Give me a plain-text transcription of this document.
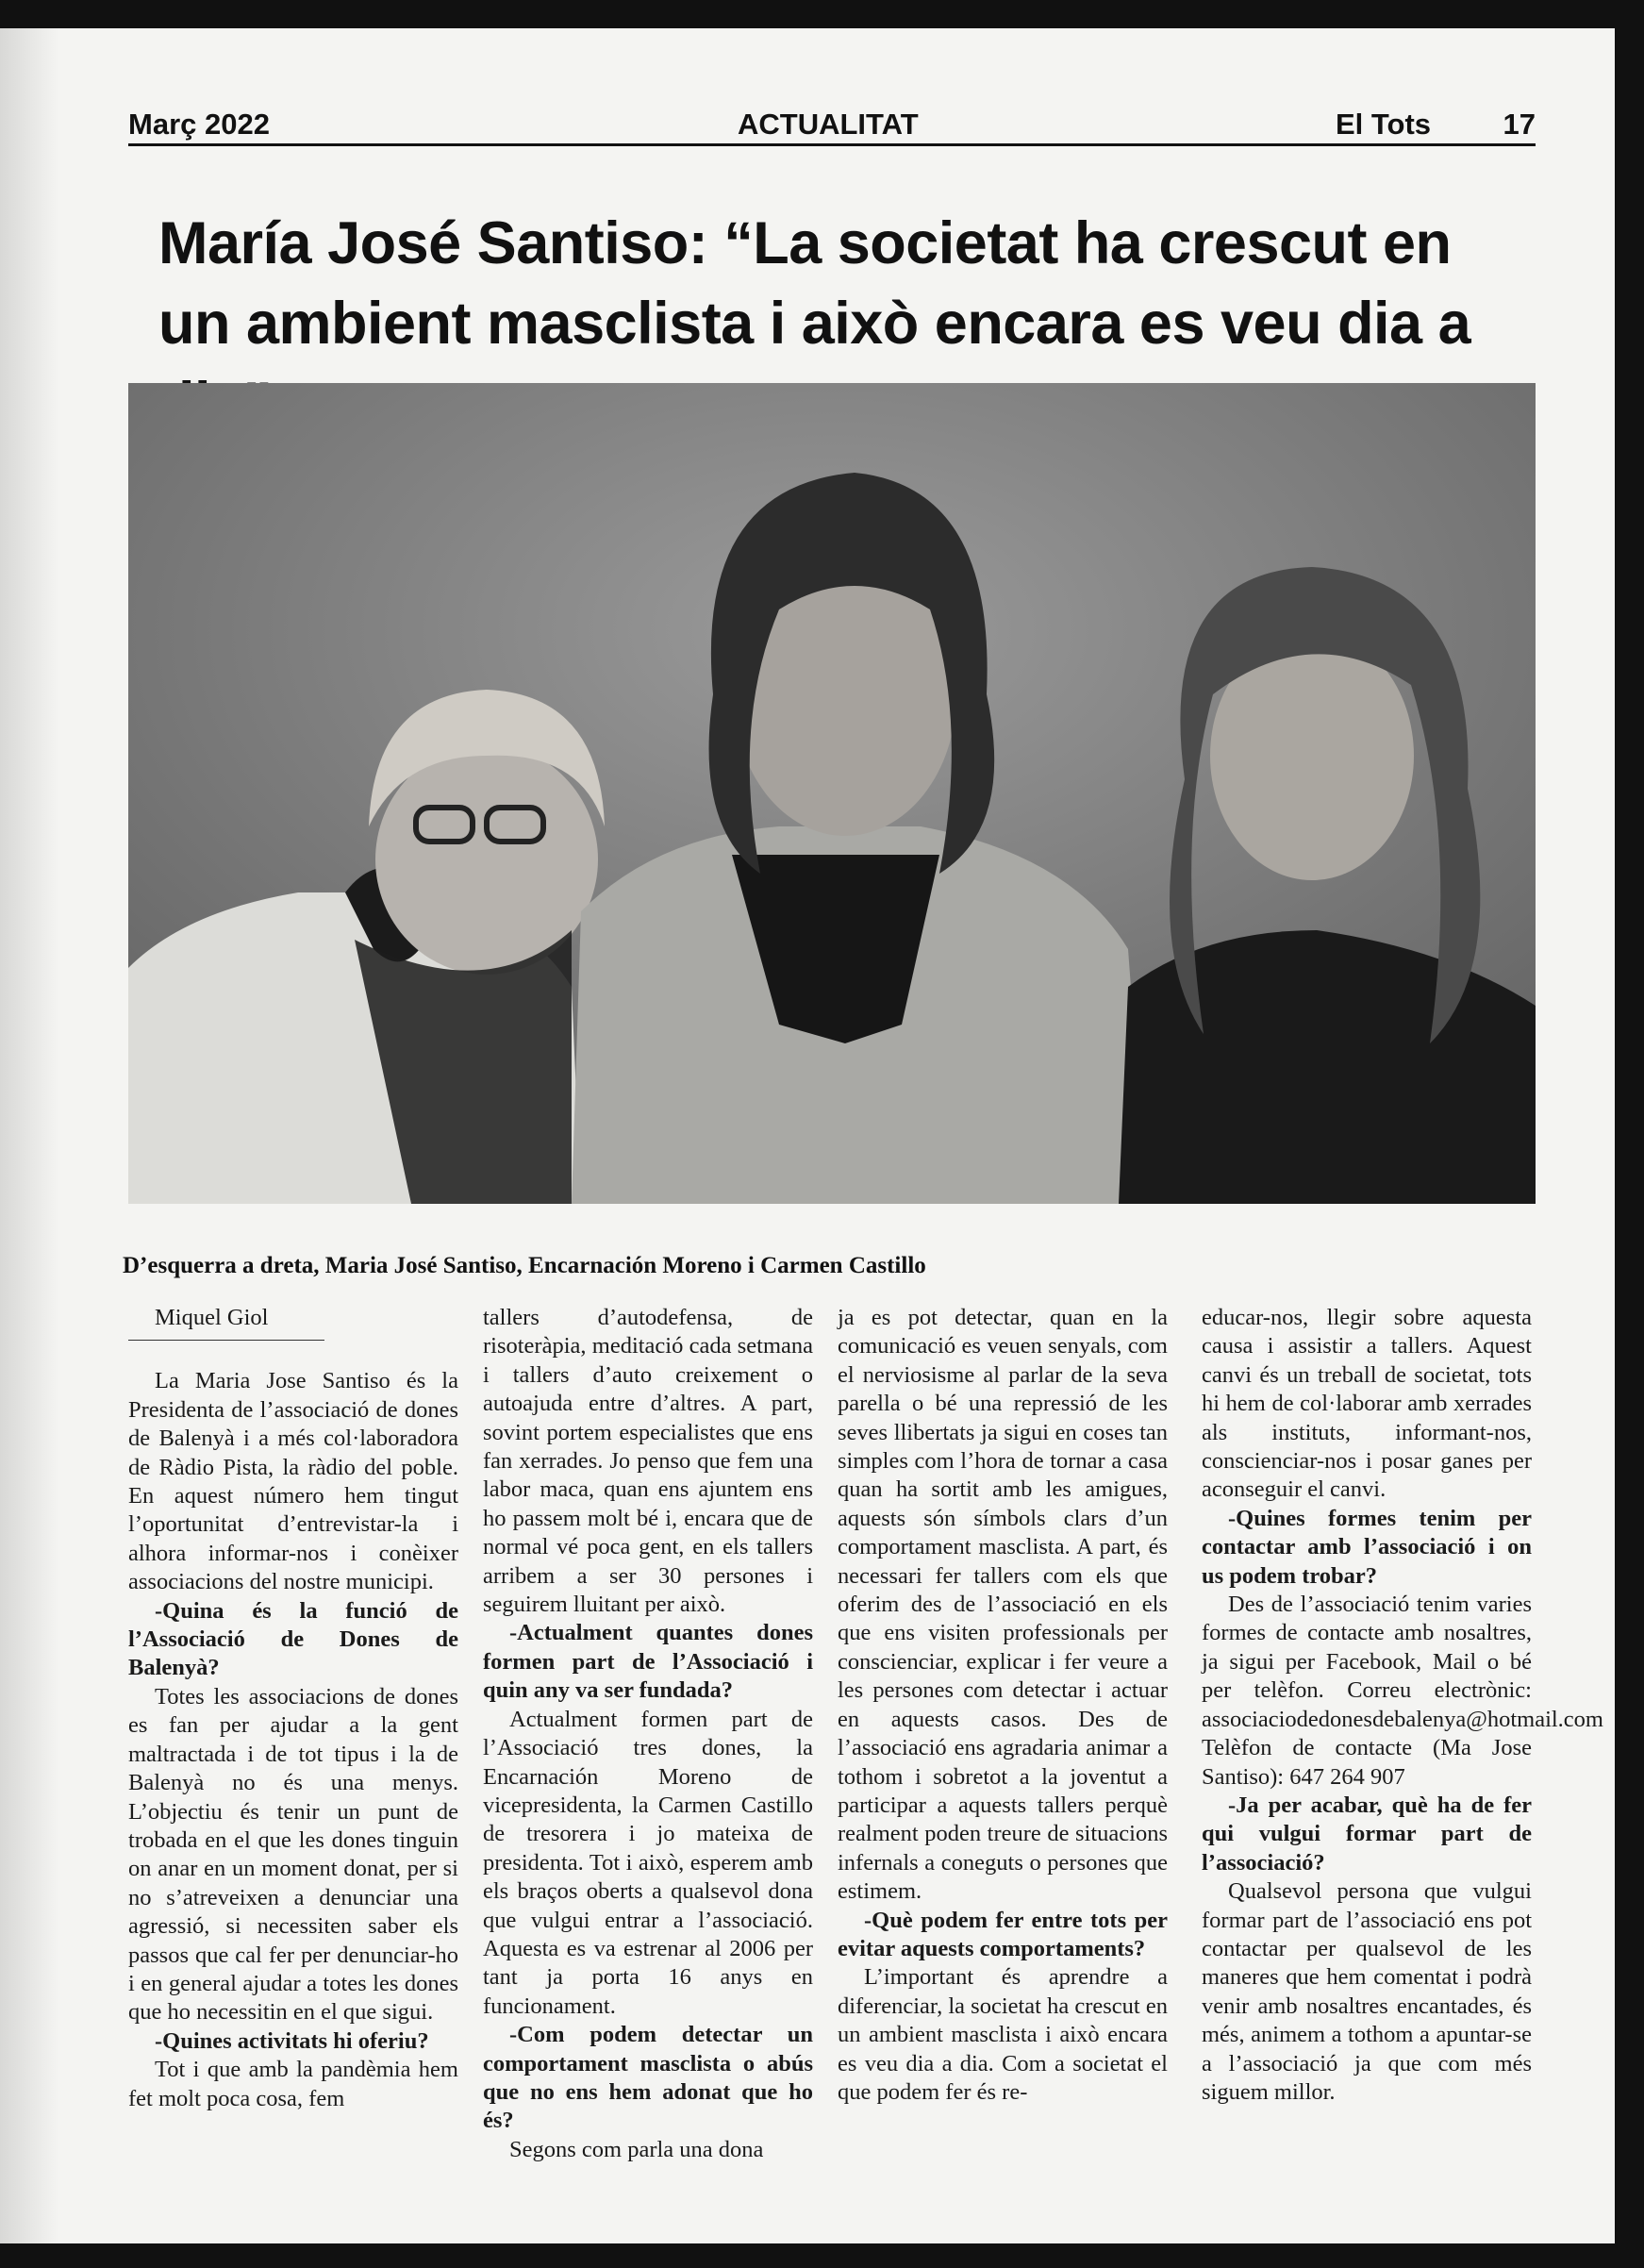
Març 2022	ACTUALITAT	El Tots 17
María José Santiso: “La societat ha crescut en un ambient masclista i això encara es veu dia a
D’esquerra a dreta, Maria José Santiso, Encarnación Moreno i Carmen Castillo

Miquel Giol

La Maria Jose Santiso és la Presidenta de l’associació de dones de Balenyà i a més col·laboradora de Ràdio Pista, la ràdio del poble. En aquest número hem tingut l’oportunitat d’entrevistar-la i alhora informar-nos i conèixer associacions del nostre municipi.

-Quina és la funció de l’Associació de Dones de Balenyà?

Totes les associacions de dones es fan per ajudar a la gent maltractada i de tot tipus i la de Balenyà no és una menys. L’objectiu és tenir un punt de trobada en el que les dones tinguin on anar en un moment donat, per si no s’atreveixen a denunciar una agressió, si necessiten saber els passos que cal fer per denunciar-ho i en general ajudar a totes les dones que ho necessitin en el que sigui.

-Quines activitats hi oferiu?

Tot i que amb la pandèmia hem fet molt poca cosa, fem

tallers d’autodefensa, de risoteràpia, meditació cada setmana i tallers d’auto creixement o autoajuda entre d’altres. A part, sovint portem especialistes que ens fan xerrades. Jo penso que fem una labor maca, quan ens ajuntem ens ho passem molt bé i, encara que de normal vé poca gent, en els tallers arribem a ser 30 persones i seguirem lluitant per això.

-Actualment quantes dones formen part de l’Associació i quin any va ser fundada?

Actualment formen part de l’Associació tres dones, la Encarnación Moreno de vicepresidenta, la Carmen Castillo de tresorera i jo mateixa de presidenta. Tot i això, esperem amb els braços oberts a qualsevol dona que vulgui entrar a l’associació. Aquesta es va estrenar al 2006 per tant ja porta 16 anys en funcionament.

-Com podem detectar un comportament masclista o abús que no ens hem adonat que ho és?

Segons com parla una dona

ja es pot detectar, quan en la comunicació es veuen senyals, com el nerviosisme al parlar de la seva parella o bé una repressió de les seves llibertats ja sigui en coses tan simples com l’hora de tornar a casa quan ha sortit amb les amigues, aquests són símbols clars d’un comportament masclista. A part, és necessari fer tallers com els que oferim des de l’associació en els que ens visiten professionals per conscienciar, explicar i fer veure a les persones com detectar i actuar en aquests casos. Des de l’associació ens agradaria animar a tothom i sobretot a la joventut a participar a aquests tallers perquè realment poden treure de situacions infernals a coneguts o persones que estimem.

-Què podem fer entre tots per evitar aquests comportaments?

L’important és aprendre a diferenciar, la societat ha crescut en un ambient masclista i això encara es veu dia a dia. Com a societat el que podem fer és re-

educar-nos, llegir sobre aquesta causa i assistir a tallers. Aquest canvi és un treball de societat, tots hi hem de col·laborar amb xerrades als instituts, informant-nos, conscienciar-nos i posar ganes per aconseguir el canvi.

-Quines formes tenim per contactar amb l’associació i on us podem trobar?

Des de l’associació tenim varies formes de contacte amb nosaltres, ja sigui per Facebook, Mail o bé per telèfon. Correu electrònic: associaciodedonesdebalenya@hotmail.com Telèfon de contacte (Ma Jose Santiso): 647 264 907

-Ja per acabar, què ha de fer qui vulgui formar part de l’associació?

Qualsevol persona que vulgui formar part de l’associació ens pot contactar per qualsevol de les maneres que hem comentat i podrà venir amb nosaltres encantades, és més, animem a tothom a apuntar-se a l’associació ja que com més siguem millor.
